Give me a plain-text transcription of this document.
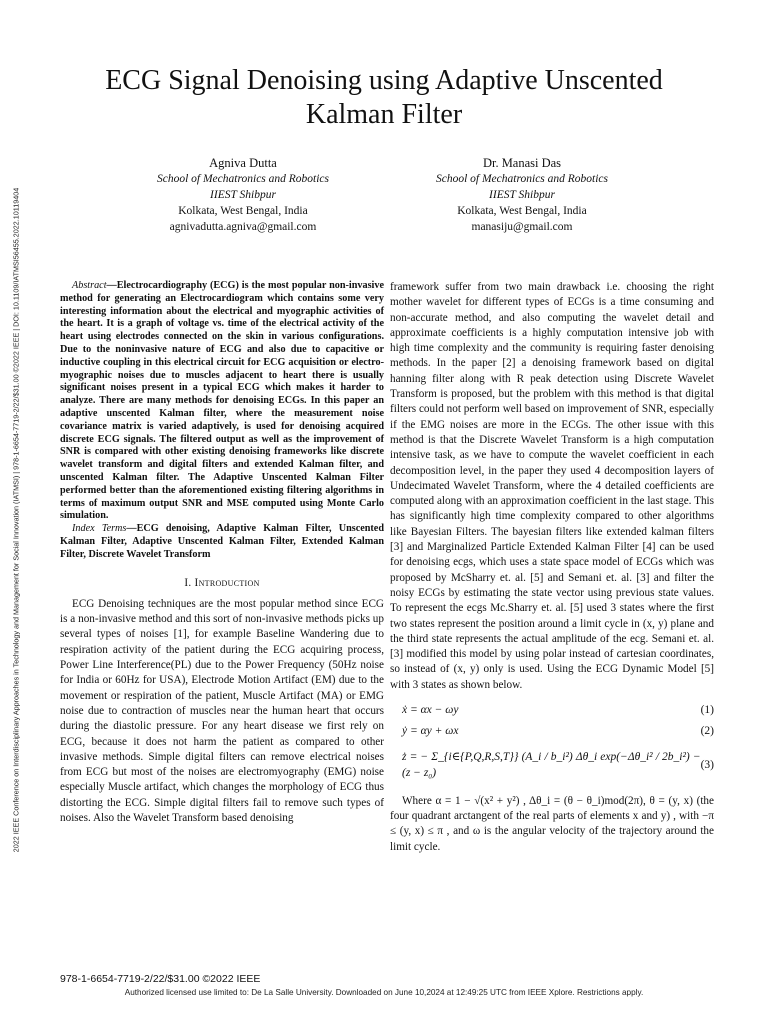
2022 IEEE Conference on Interdisciplinary Approaches in Technology and Management for Social Innovation (IATMSI) | 978-1-6654-7719-2/22/$31.00 ©2022 IEEE | DOI: 10.1109/IATMSI56455.2022.10119404
ECG Signal Denoising using Adaptive Unscented
Kalman Filter
Agniva Dutta
School of Mechatronics and Robotics
IIEST Shibpur
Kolkata, West Bengal, India
agnivadutta.agniva@gmail.com
Dr. Manasi Das
School of Mechatronics and Robotics
IIEST Shibpur
Kolkata, West Bengal, India
manasiju@gmail.com

Abstract—Electrocardiography (ECG) is the most popular non-invasive method for generating an Electrocardiogram which contains some very interesting information about the electrical and myographic activities of the heart. It is a graph of voltage vs. time of the electrical activity of the heart using electrodes connected on the skin in various configurations. Due to the noninvasive nature of ECG and also due to capacitive or inductive coupling in this electrical circuit for ECG acquisition or electro-myographic noises due to muscles adjacent to heart there is usually significant noises present in a typical ECG which makes it harder to analyze. There are many methods for denoising ECGs. In this paper an adaptive unscented Kalman filter, where the measurement noise covariance matrix is varied adaptively, is used for denoising acquired discrete ECG signals. The filtered output as well as the improvement of SNR is compared with other existing denoising frameworks like discrete wavelet transform and digital filters and extended Kalman filter, and unscented Kalman filter. The Adaptive Unscented Kalman Filter performed better than the aforementioned existing filtering algorithms in terms of maximum output SNR and MSE computed using Monte Carlo simulation.

Index Terms—ECG denoising, Adaptive Kalman Filter, Unscented Kalman Filter, Adaptive Unscented Kalman Filter, Extended Kalman Filter, Discrete Wavelet Transform

I. Introduction

ECG Denoising techniques are the most popular method since ECG is a non-invasive method and this sort of non-invasive methods picks up several types of noises [1], for example Baseline Wandering due to respiration activity of the patient during the ECG acquiring process, Power Line Interference(PL) due to the Power Frequency (50Hz noise for India or 60Hz for USA), Electrode Motion Artifact (EM) due to the movement or respiration of the patient, Muscle Artifact (MA) or EMG noise due to contraction of muscles near the human heart that occurs during the diastolic pressure. For any heart disease we first rely on ECG, because it does not harm the patient as compared to other invasive methods. Simple digital filters can remove electrical noises from ECG but most of the noises are electromyography (EMG) noise especially Muscle artifact, which changes the morphology of ECG thus distorting the ECG. Simple digital filters fail to remove such types of noises. Also the Wavelet Transform based denoising

framework suffer from two main drawback i.e. choosing the right mother wavelet for different types of ECGs is a time consuming and non-accurate method, and also computing the wavelet detail and approximate coefficients is a highly computation intensive job with high time complexity and the community is requiring faster denoising methods. In the paper [2] a denoising framework based on digital hanning filter along with R peak detection using Discrete Wavelet Transform is proposed, but the problem with this method is that digital filters could not perform well based on improvement of SNR, especially if the EMG noises are more in the ECGs. The other issue with this method is that the Discrete Wavelet Transform is a high computation intensive task, as we have to compute the wavelet coefficient in each decomposition level, in the paper they used 4 decomposition layers of Undecimated Wavelet Transform, where the 4 detailed coefficients are computed along with an approximation coefficient in the last stage. This has significantly high time complexity compared to other algorithms like Bayesian Filters. The bayesian filters like extended kalman filters [3] and Marginalized Particle Extended Kalman Filter [4] can be used for denoising ecgs, which uses a state space model of ECGs which was proposed by McSharry et. al. [5] and Semani et. al. [3] and filter the noisy ECGs by estimating the state vector using previous state values. To represent the ecgs Mc.Sharry et. al. [5] used 3 states where the first two states represent the position around a limit cycle in (x, y) plane and the third state represents the actual amplitude of the ecg. Semani et. al. [3] modified this model by using polar instead of cartesian coordinates, so instead of (x, y) only is used. Using the ECG Dynamic Model [5] with 3 states as shown below.

ẋ = αx − ωy	(1)
ẏ = αy + ωx	(2)
ż = − Σ_{i∈{P,Q,R,S,T}} (A_i / b_i²) Δθ_i exp(−Δθ_i² / 2b_i²) − (z − z₀)
(3)

Where α = 1 − √(x² + y²) , Δθ_i = (θ − θ_i)mod(2π), θ = (y, x) (the four quadrant arctangent of the real parts of elements x and y) , with −π ≤ (y, x) ≤ π , and ω is the angular velocity of the trajectory around the limit cycle.

978-1-6654-7719-2/22/$31.00 ©2022 IEEE
Authorized licensed use limited to: De La Salle University. Downloaded on June 10,2024 at 12:49:25 UTC from IEEE Xplore. Restrictions apply.
